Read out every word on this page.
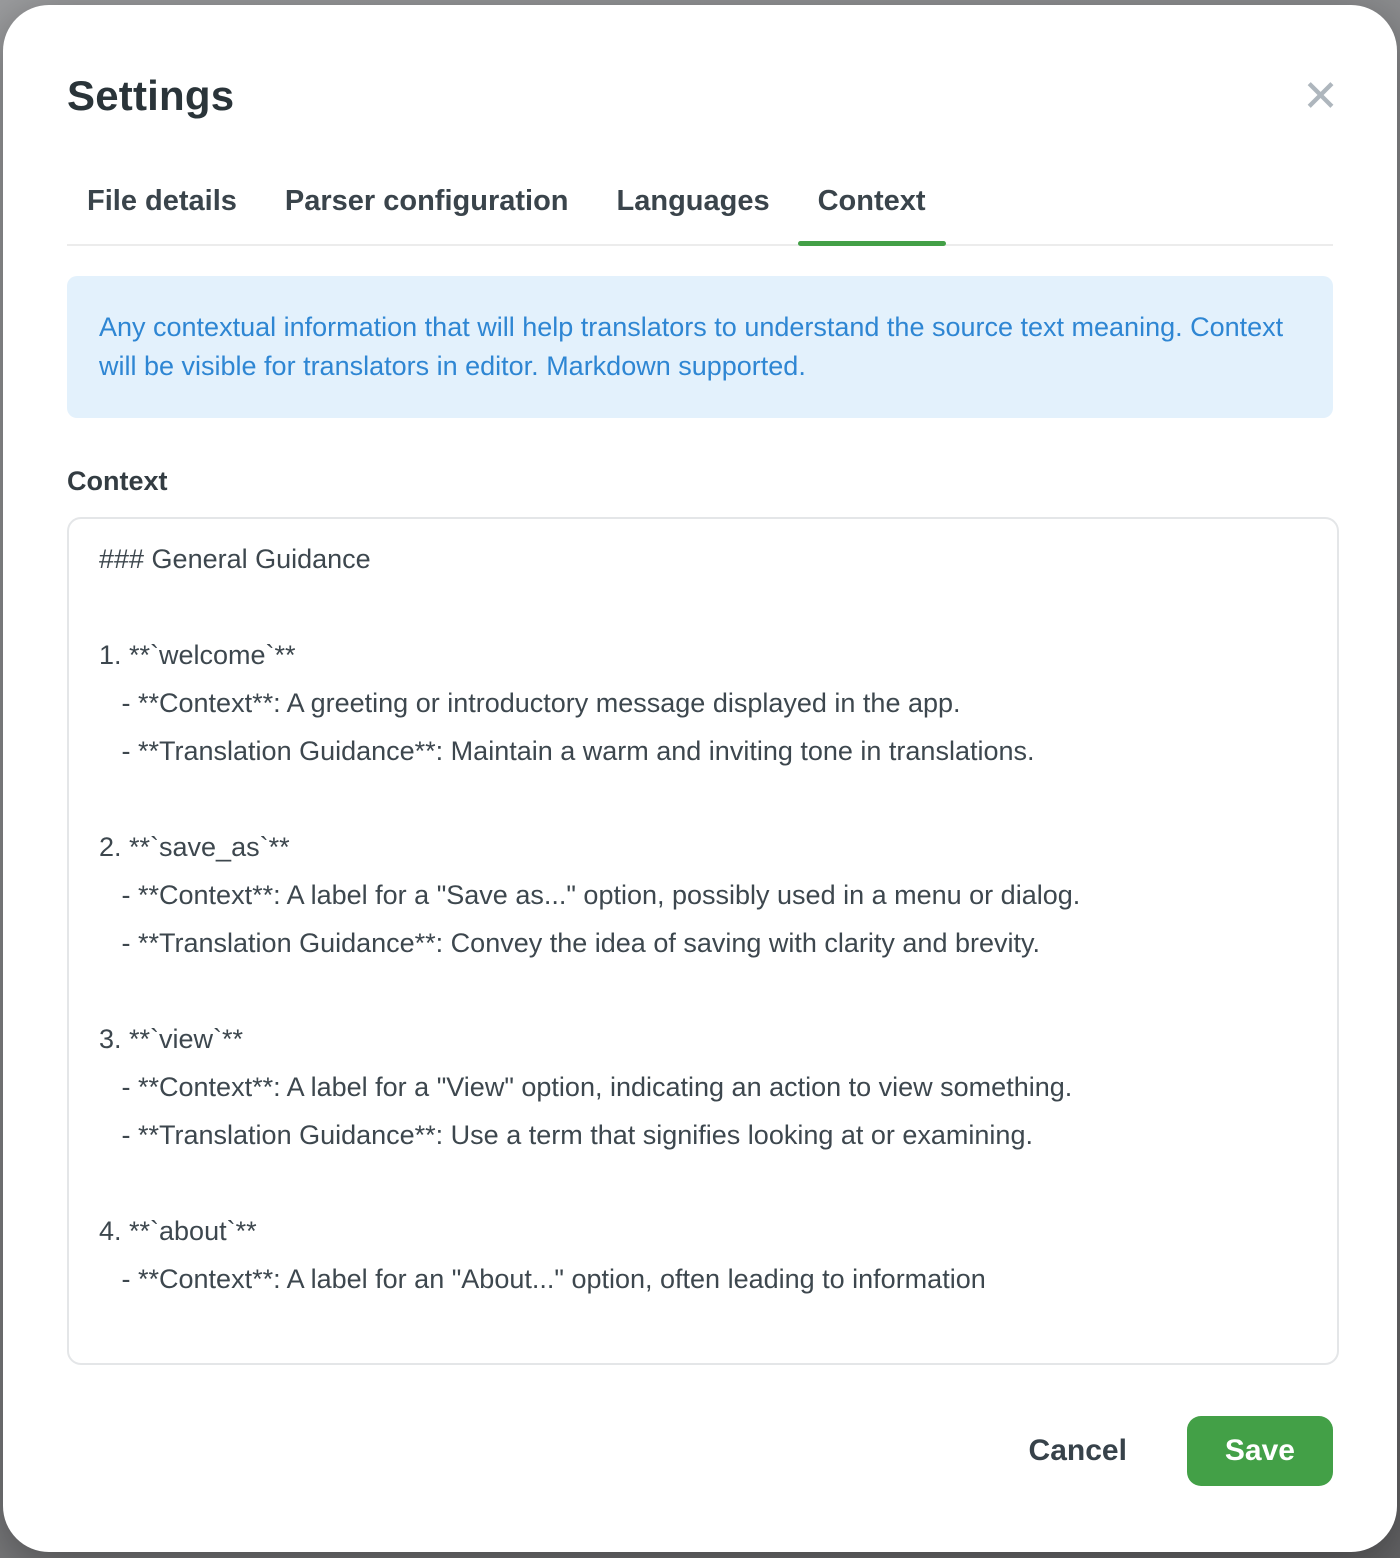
Settings	✕
File details	Parser configuration	Languages	Context
Any contextual information that will help translators to understand the source text meaning. Context will be visible for translators in editor. Markdown supported.
Context
### General Guidance 1. **`welcome`** - **Context**: A greeting or introductory message displayed in the app. - **Translation Guidance**: Maintain a warm and inviting tone in translations. 2. **`save_as`** - **Context**: A label for a "Save as..." option, possibly used in a menu or dialog. - **Translation Guidance**: Convey the idea of saving with clarity and brevity. 3. **`view`** - **Context**: A label for a "View" option, indicating an action to view something. - **Translation Guidance**: Use a term that signifies looking at or examining. 4. **`about`** - **Context**: A label for an "About..." option, often leading to information
Cancel	Save
